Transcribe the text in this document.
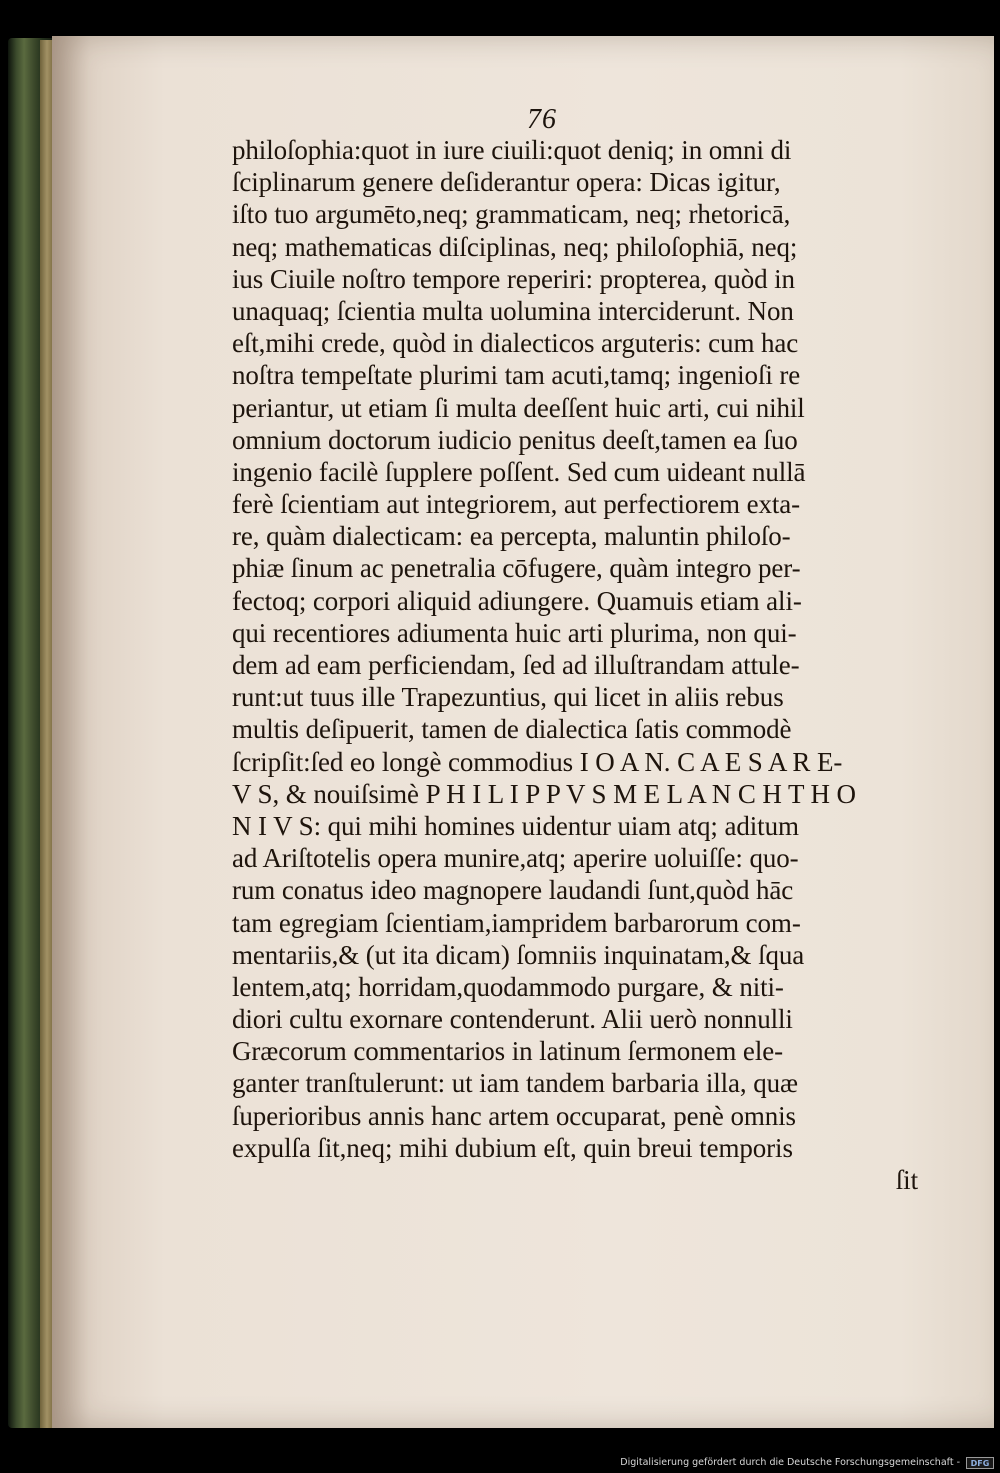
76
philoſophia:quot in iure ciuili:quot deniq; in omni di
ſciplinarum genere deſiderantur opera: Dicas igitur,
iſto tuo argumēto,neq; grammaticam, neq; rhetoricā,
neq; mathematicas diſciplinas, neq; philoſophiā, neq;
ius Ciuile noſtro tempore reperiri: propterea, quòd in
unaquaq; ſcientia multa uolumina interciderunt. Non
eſt,mihi crede, quòd in dialecticos arguteris: cum hac
noſtra tempeſtate plurimi tam acuti,tamq; ingenioſi re
periantur, ut etiam ſi multa deeſſent huic arti, cui nihil
omnium doctorum iudicio penitus deeſt,tamen ea ſuo
ingenio facilè ſupplere poſſent. Sed cum uideant nullā
ferè ſcientiam aut integriorem, aut perfectiorem exta-
re, quàm dialecticam: ea percepta, maluntin philoſo-
phiæ ſinum ac penetralia cōfugere, quàm integro per-
fectoq; corpori aliquid adiungere. Quamuis etiam ali-
qui recentiores adiumenta huic arti plurima, non qui-
dem ad eam perficiendam, ſed ad illuſtrandam attule-
runt:ut tuus ille Trapezuntius, qui licet in aliis rebus
multis deſipuerit, tamen de dialectica ſatis commodè
ſcripſit:ſed eo longè commodius I O A N. C A E S A R E-
V S, & nouiſsimè P H I L I P P V S M E L A N C H T H O
N I V S: qui mihi homines uidentur uiam atq; aditum
ad Ariſtotelis opera munire,atq; aperire uoluiſſe: quo-
rum conatus ideo magnopere laudandi ſunt,quòd hāc
tam egregiam ſcientiam,iampridem barbarorum com-
mentariis,& (ut ita dicam) ſomniis inquinatam,& ſqua
lentem,atq; horridam,quodammodo purgare, & niti-
diori cultu exornare contenderunt. Alii uerò nonnulli
Græcorum commentarios in latinum ſermonem ele-
ganter tranſtulerunt: ut iam tandem barbaria illa, quæ
ſuperioribus annis hanc artem occuparat, penè omnis
expulſa ſit,neq; mihi dubium eſt, quin breui temporis
ſit
Digitalisierung gefördert durch die Deutsche Forschungsgemeinschaft -	DFG
